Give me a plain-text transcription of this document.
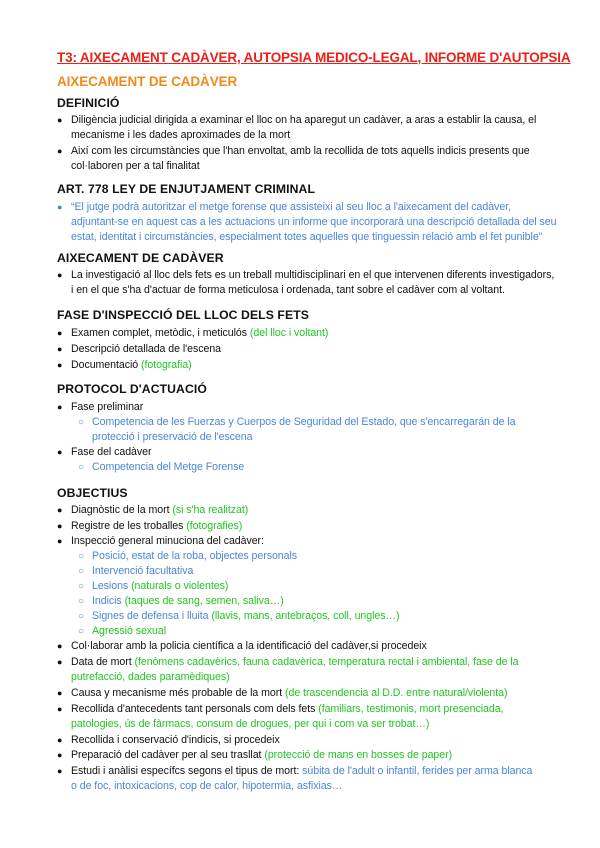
T3: AIXECAMENT CADÀVER, AUTOPSIA MEDICO-LEGAL, INFORME D'AUTOPSIA
AIXECAMENT DE CADÀVER
DEFINICIÓ
● Diligència judicial dirigida a examinar el lloc on ha aparegut un cadàver, a aras a establir la causa, el
mecanisme i les dades aproximades de la mort
● Així com les circumstàncies que l'han envoltat, amb la recollida de tots aquells indicis presents que
col·laboren per a tal finalitat
ART. 778 LEY DE ENJUTJAMENT CRIMINAL
● “El jutge podrà autoritzar el metge forense que assisteixi al seu lloc a l'aixecament del cadàver,
adjuntant-se en aquest cas a les actuacions un informe que incorporarà una descripció detallada del seu
estat, identitat i circumstàncies, especialment totes aquelles que tinguessin relació amb el fet punible”
AIXECAMENT DE CADÀVER
● La investigació al lloc dels fets es un treball multidisciplinari en el que intervenen diferents investigadors,
i en el que s'ha d'actuar de forma meticulosa i ordenada, tant sobre el cadàver com al voltant.
FASE D'INSPECCIÓ DEL LLOC DELS FETS
● Examen complet, metòdic, i meticulós (del lloc i voltant)
● Descripció detallada de l'escena
● Documentació (fotografia)
PROTOCOL D'ACTUACIÓ
● Fase preliminar
○ Competencia de les Fuerzas y Cuerpos de Seguridad del Estado, que s'encarregarán de la
protecció i preservació de l'escena
● Fase del cadàver
○ Competencia del Metge Forense
OBJECTIUS
● Diagnòstic de la mort (si s'ha realitzat)
● Registre de les troballes (fotografies)
● Inspecció general minuciona del cadàver:
○ Posició, estat de la roba, objectes personals
○ Intervenció facultativa
○ Lesions (naturals o violentes)
○ Indicis (taques de sang, semen, saliva…)
○ Signes de defensa i lluita (llavis, mans, antebraços, coll, ungles…)
○ Agressió sexual
● Col·laborar amb la policia científica a la identificació del cadàver,si procedeix
● Data de mort (fenòmens cadavèrics, fauna cadavèrica, temperatura rectal i ambiental, fase de la
putrefacció, dades paramèdiques)
● Causa y mecanisme més probable de la mort (de trascendencia al D.D. entre natural/violenta)
● Recollida d'antecedents tant personals com dels fets (familiars, testimonis, mort presenciada,
patologies, ús de fàrmacs, consum de drogues, per qui i com va ser trobat…)
● Recollida i conservació d'indicis, si procedeix
● Preparació del cadàver per al seu trasllat (protecció de mans en bosses de paper)
● Estudi i anàlisi específcs segons el tipus de mort: súbita de l'adult o infantil, ferides per arma blanca
o de foc, intoxicacions, cop de calor, hipotermia, asfixias…
